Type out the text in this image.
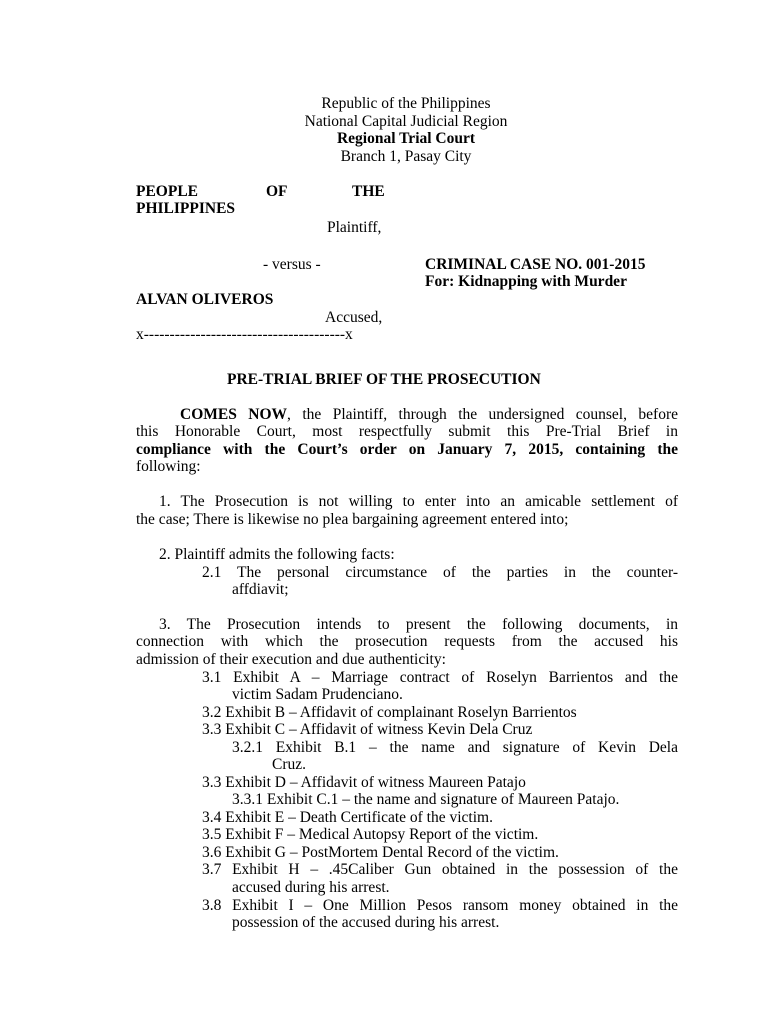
Republic of the Philippines
National Capital Judicial Region
Regional Trial Court
Branch 1, Pasay City
PEOPLE	OF	THE
PHILIPPINES
Plaintiff,
- versus -	CRIMINAL CASE NO. 001-2015
For: Kidnapping with Murder
ALVAN OLIVEROS
Accused,
x---------------------------------------x
PRE-TRIAL BRIEF OF THE PROSECUTION
COMES NOW, the Plaintiff, through the undersigned counsel, before
this Honorable Court, most respectfully submit this Pre-Trial Brief in
compliance with the Court’s order on January 7, 2015, containing the
following:
1. The Prosecution is not willing to enter into an amicable settlement of
the case; There is likewise no plea bargaining agreement entered into;
2. Plaintiff admits the following facts:
2.1 The personal circumstance of the parties in the counter-
affdiavit;
3. The Prosecution intends to present the following documents, in
connection with which the prosecution requests from the accused his
admission of their execution and due authenticity:
3.1 Exhibit A – Marriage contract of Roselyn Barrientos and the
victim Sadam Prudenciano.
3.2 Exhibit B – Affidavit of complainant Roselyn Barrientos
3.3 Exhibit C – Affidavit of witness Kevin Dela Cruz
3.2.1 Exhibit B.1 – the name and signature of Kevin Dela
Cruz.
3.3 Exhibit D – Affidavit of witness Maureen Patajo
3.3.1 Exhibit C.1 – the name and signature of Maureen Patajo.
3.4 Exhibit E – Death Certificate of the victim.
3.5 Exhibit F – Medical Autopsy Report of the victim.
3.6 Exhibit G – PostMortem Dental Record of the victim.
3.7 Exhibit H – .45Caliber Gun obtained in the possession of the
accused during his arrest.
3.8 Exhibit I – One Million Pesos ransom money obtained in the
possession of the accused during his arrest.
